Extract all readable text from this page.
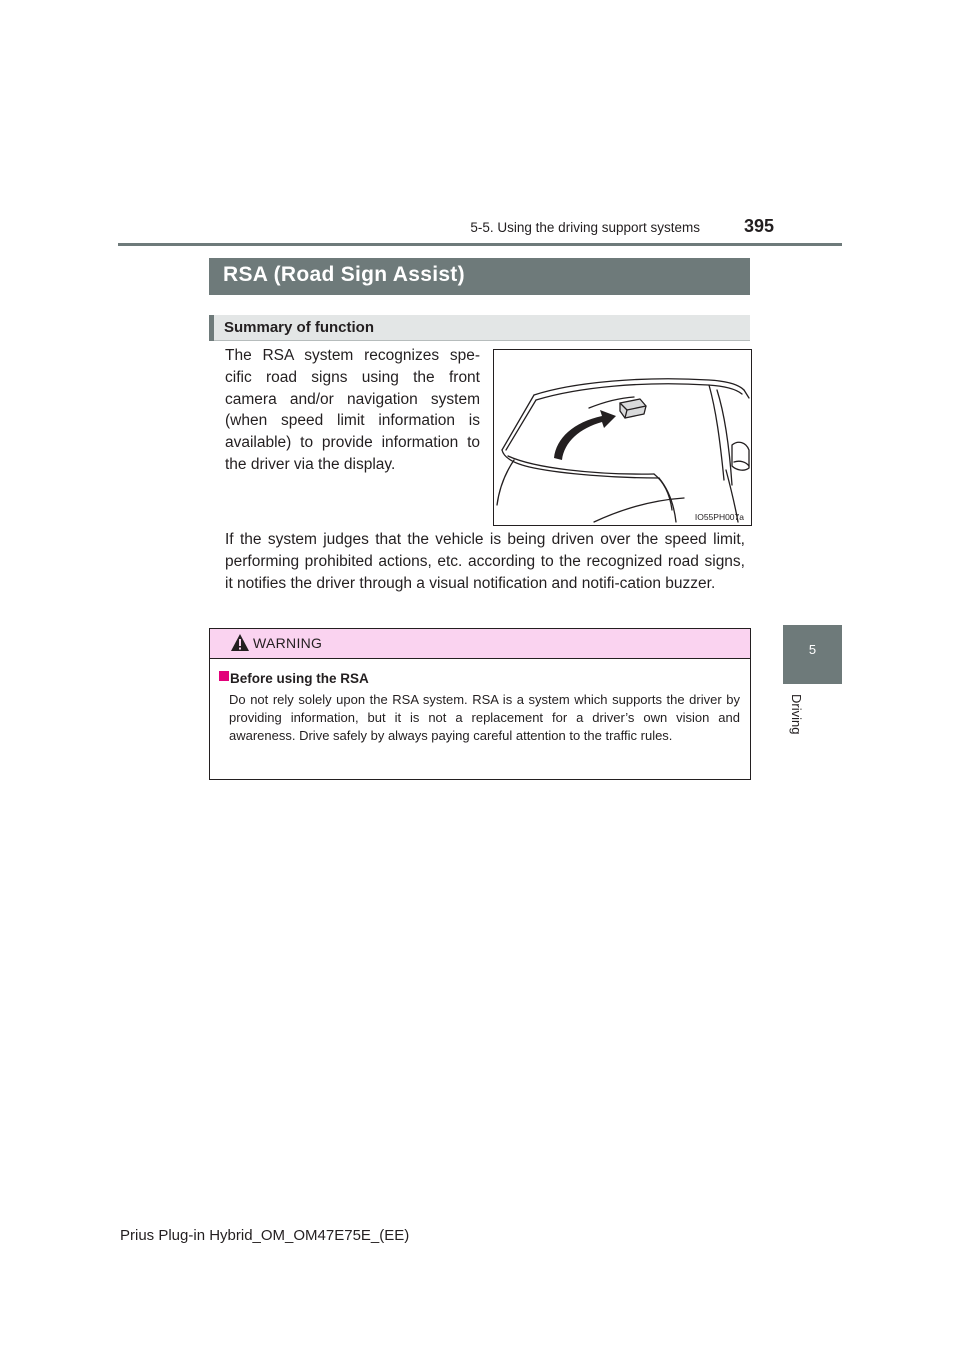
5-5. Using the driving support systems	395
RSA (Road Sign Assist)
Summary of function
The RSA system recognizes spe-cific road signs using the front camera and/or navigation system (when speed limit information is available) to provide information to the driver via the display.
IO55PH007a
If the system judges that the vehicle is being driven over the speed limit, performing prohibited actions, etc. according to the recognized road signs, it notifies the driver through a visual notification and notifi-cation buzzer.
WARNING
Before using the RSA
Do not rely solely upon the RSA system. RSA is a system which supports the driver by providing information, but it is not a replacement for a driver’s own vision and awareness. Drive safely by always paying careful attention to the traffic rules.
5
Driving
Prius Plug-in Hybrid_OM_OM47E75E_(EE)
